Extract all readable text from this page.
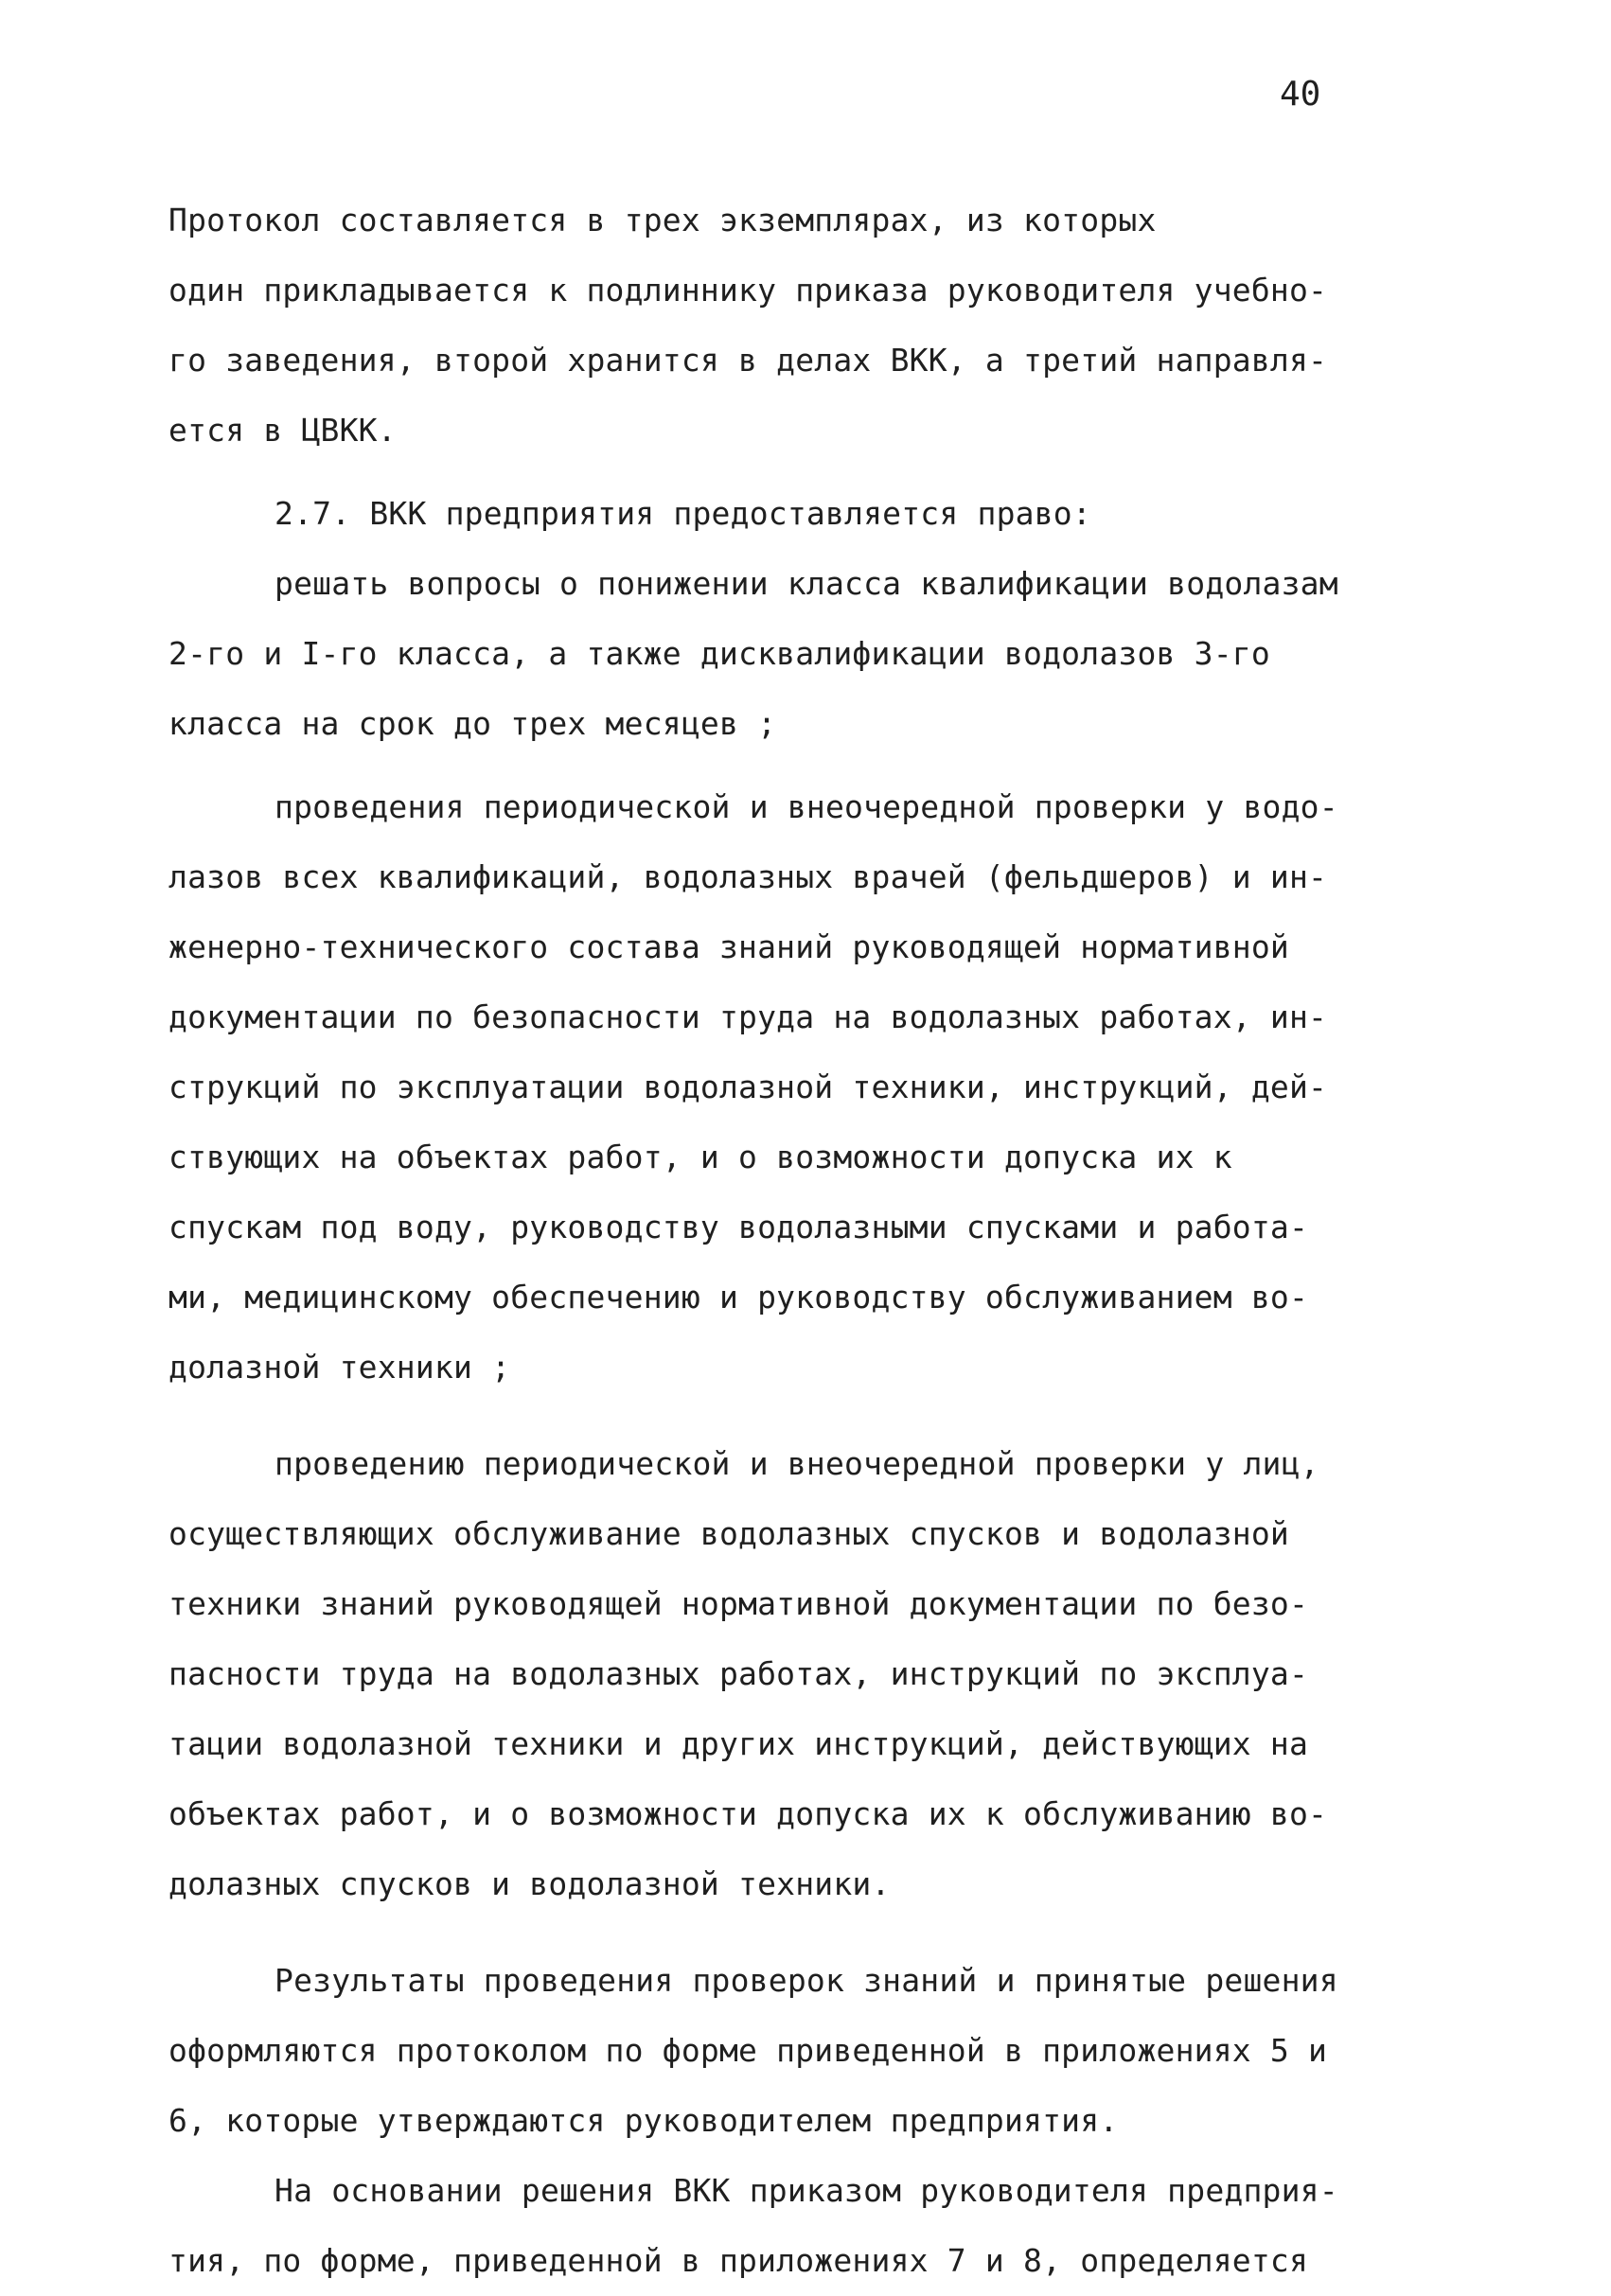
40
Протокол составляется в трех экземплярах, из которых
один прикладывается к подлиннику приказа руководителя учебно-
го заведения, второй хранится в делах ВКК, а третий направля-
ется в ЦВКК.
2.7. ВКК предприятия предоставляется право:
решать вопросы о понижении класса квалификации водолазам
2-го и I-го класса, а также дисквалификации водолазов 3-го
класса на срок до трех месяцев ;
проведения периодической и внеочередной проверки у водо-
лазов всех квалификаций, водолазных врачей (фельдшеров) и ин-
женерно-технического состава знаний руководящей нормативной
документации по безопасности труда на водолазных работах, ин-
струкций по эксплуатации водолазной техники, инструкций, дей-
ствующих на объектах работ, и о возможности допуска их к
спускам под воду, руководству водолазными спусками и работа-
ми, медицинскому обеспечению и руководству обслуживанием во-
долазной техники ;
проведению периодической и внеочередной проверки у лиц,
осуществляющих обслуживание водолазных спусков и водолазной
техники знаний руководящей нормативной документации по безо-
пасности труда на водолазных работах, инструкций по эксплуа-
тации водолазной техники и других инструкций, действующих на
объектах работ, и о возможности допуска их к обслуживанию во-
долазных спусков и водолазной техники.
Результаты проведения проверок знаний и принятые решения
оформляются протоколом по форме приведенной в приложениях 5 и
6, которые утверждаются руководителем предприятия.
На основании решения ВКК приказом руководителя предприя-
тия, по форме, приведенной в приложениях 7 и 8, определяется
